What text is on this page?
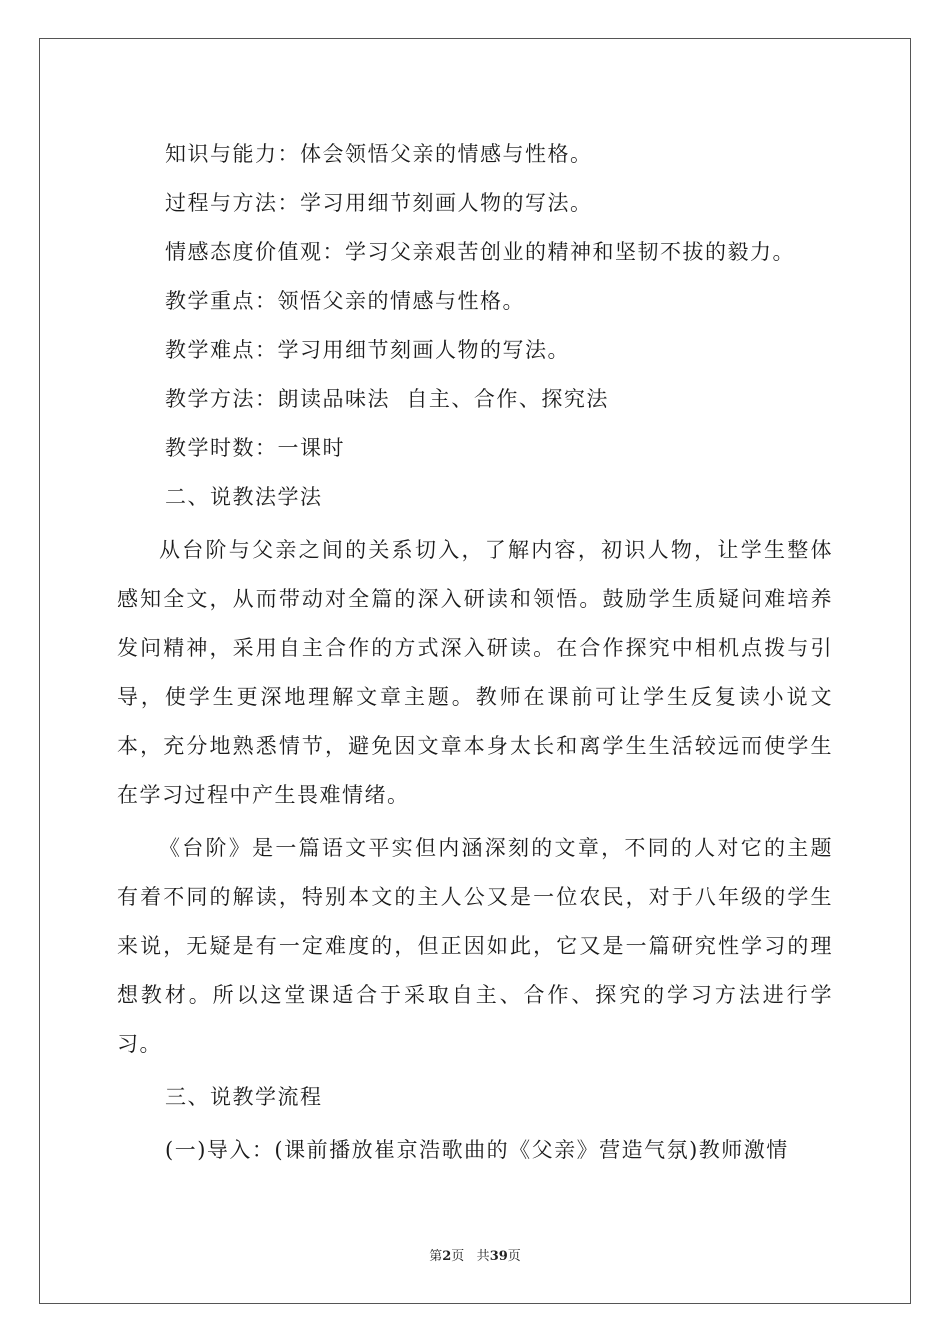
知识与能力：体会领悟父亲的情感与性格。
过程与方法：学习用细节刻画人物的写法。
情感态度价值观：学习父亲艰苦创业的精神和坚韧不拔的毅力。
教学重点：领悟父亲的情感与性格。
教学难点：学习用细节刻画人物的写法。
教学方法：朗读品味法  自主、合作、探究法
教学时数：一课时
二、说教法学法

从台阶与父亲之间的关系切入，了解内容，初识人物，让学生整体感知全文，从而带动对全篇的深入研读和领悟。鼓励学生质疑问难培养发问精神，采用自主合作的方式深入研读。在合作探究中相机点拨与引导，使学生更深地理解文章主题。教师在课前可让学生反复读小说文本，充分地熟悉情节，避免因文章本身太长和离学生生活较远而使学生在学习过程中产生畏难情绪。

《台阶》是一篇语文平实但内涵深刻的文章，不同的人对它的主题有着不同的解读，特别本文的主人公又是一位农民，对于八年级的学生来说，无疑是有一定难度的，但正因如此，它又是一篇研究性学习的理想教材。所以这堂课适合于采取自主、合作、探究的学习方法进行学习。

三、说教学流程

(一)导入：(课前播放崔京浩歌曲的《父亲》营造气氛)教师激情

第2页 共39页
